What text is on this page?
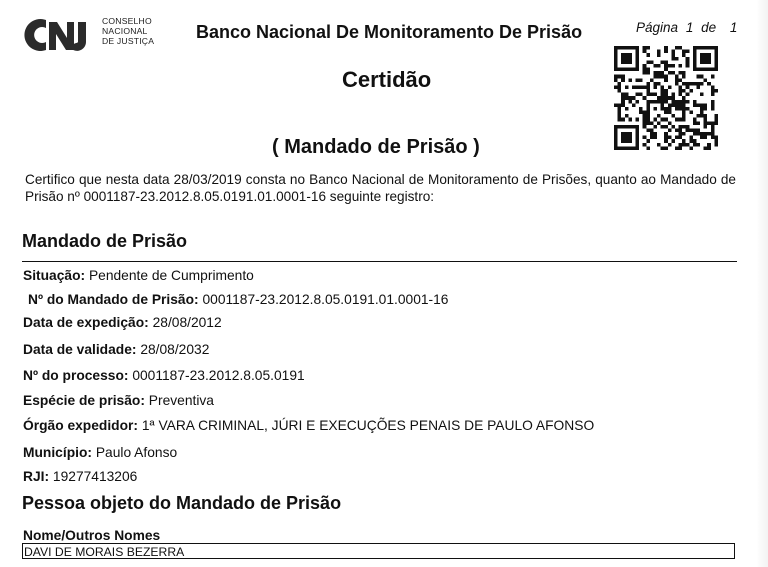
CONSELHO
NACIONAL
DE JUSTIÇA Banco Nacional De Monitoramento De Prisão	Página 1 de 1
Certidão
( Mandado de Prisão )
Certifico que nesta data 28/03/2019 consta no Banco Nacional de Monitoramento de Prisões, quanto ao Mandado de Prisão nº 0001187-23.2012.8.05.0191.01.0001-16 seguinte registro:
Mandado de Prisão
Situação: Pendente de Cumprimento
Nº do Mandado de Prisão: 0001187-23.2012.8.05.0191.01.0001-16
Data de expedição: 28/08/2012
Data de validade: 28/08/2032
Nº do processo: 0001187-23.2012.8.05.0191
Espécie de prisão: Preventiva
Órgão expedidor: 1ª VARA CRIMINAL, JÚRI E EXECUÇÕES PENAIS DE PAULO AFONSO
Município: Paulo Afonso
RJI: 19277413206
Pessoa objeto do Mandado de Prisão
Nome/Outros Nomes
DAVI DE MORAIS BEZERRA
